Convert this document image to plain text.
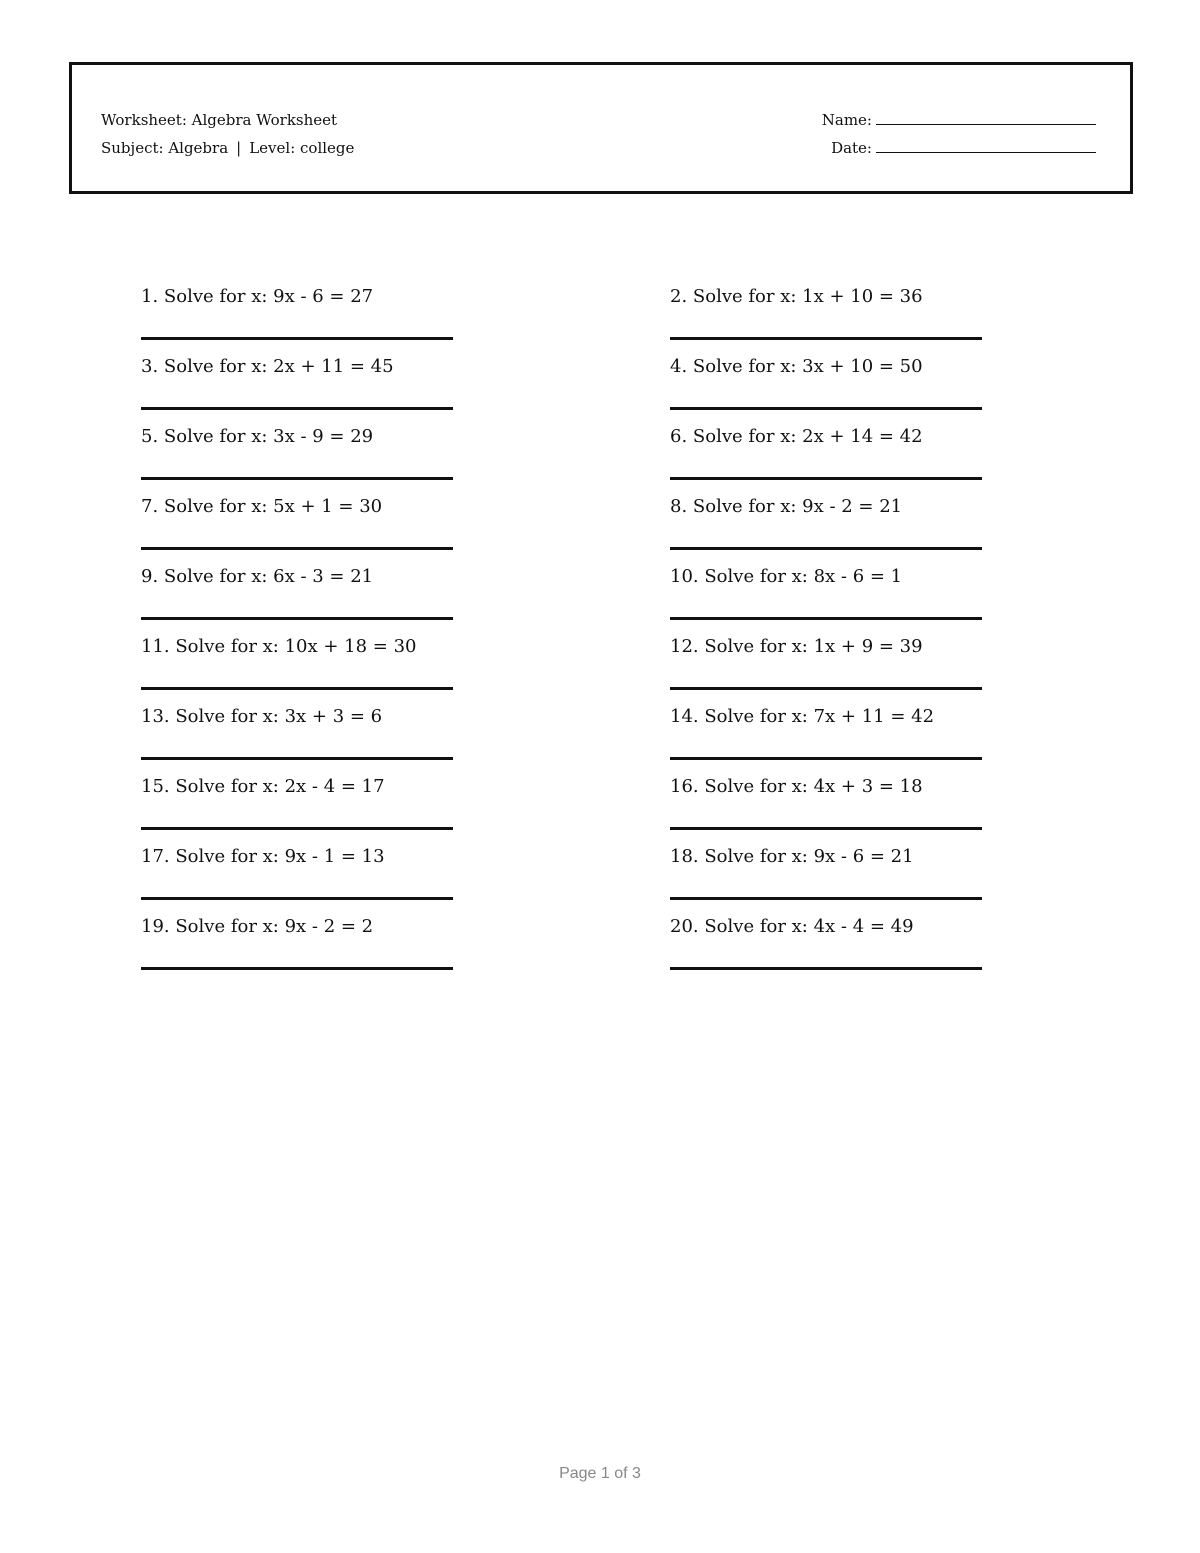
Worksheet: Algebra Worksheet
Subject: Algebra | Level: college
Name:
Date:
1. Solve for x: 9x - 6 = 27	2. Solve for x: 1x + 10 = 36
3. Solve for x: 2x + 11 = 45	4. Solve for x: 3x + 10 = 50
5. Solve for x: 3x - 9 = 29	6. Solve for x: 2x + 14 = 42
7. Solve for x: 5x + 1 = 30	8. Solve for x: 9x - 2 = 21
9. Solve for x: 6x - 3 = 21	10. Solve for x: 8x - 6 = 1
11. Solve for x: 10x + 18 = 30	12. Solve for x: 1x + 9 = 39
13. Solve for x: 3x + 3 = 6	14. Solve for x: 7x + 11 = 42
15. Solve for x: 2x - 4 = 17	16. Solve for x: 4x + 3 = 18
17. Solve for x: 9x - 1 = 13	18. Solve for x: 9x - 6 = 21
19. Solve for x: 9x - 2 = 2	20. Solve for x: 4x - 4 = 49
Page 1 of 3
